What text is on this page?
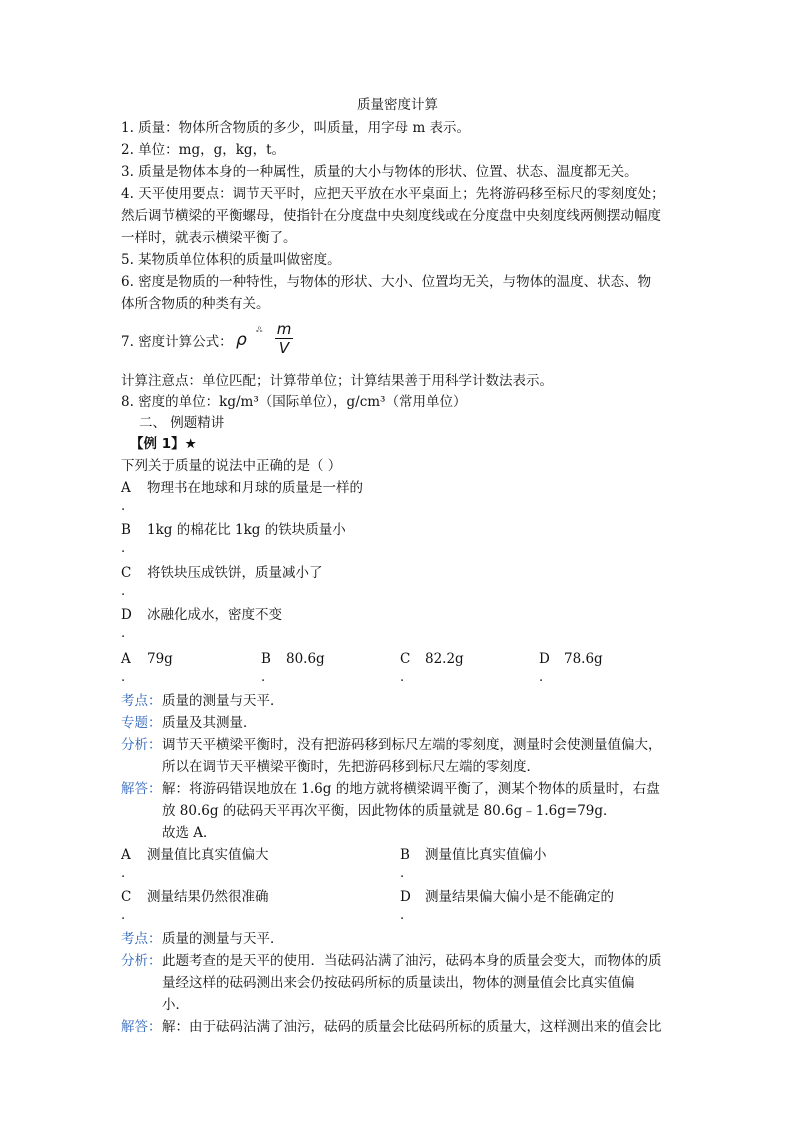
质量密度计算
1. 质量：物体所含物质的多少，叫质量，用字母 m 表示。
2. 单位：mg，g，kg，t。
3. 质量是物体本身的一种属性，质量的大小与物体的形状、位置、状态、温度都无关。
4. 天平使用要点：调节天平时，应把天平放在水平桌面上；先将游码移至标尺的零刻度处；
然后调节横梁的平衡螺母，使指针在分度盘中央刻度线或在分度盘中央刻度线两侧摆动幅度
一样时，就表示横梁平衡了。
5. 某物质单位体积的质量叫做密度。
6. 密度是物质的一种特性，与物体的形状、大小、位置均无关，与物体的温度、状态、物
体所含物质的种类有关。
7. 密度计算公式： ρ ₓ⁰ₒ m
V
计算注意点：单位匹配；计算带单位；计算结果善于用科学计数法表示。
8. 密度的单位：kg/m³（国际单位），g/cm³（常用单位）
二、 例题精讲
【例 1】★
下列关于质量的说法中正确的是（ ）
A 物理书在地球和月球的质量是一样的
.
B 1kg 的棉花比 1kg 的铁块质量小
.
C 将铁块压成铁饼，质量减小了
.
D 冰融化成水，密度不变
.
A 79g
.
B 80.6g
.
C 82.2g
.
D 78.6g
.
考点： 质量的测量与天平．
专题： 质量及其测量．
分析： 调节天平横梁平衡时，没有把游码移到标尺左端的零刻度，测量时会使测量值偏大，
所以在调节天平横梁平衡时，先把游码移到标尺左端的零刻度．
解答： 解：将游码错误地放在 1.6g 的地方就将横梁调平衡了，测某个物体的质量时，右盘
放 80.6g 的砝码天平再次平衡，因此物体的质量就是 80.6g﹣1.6g=79g．
故选 A．
A 测量值比真实值偏大
.
B 测量值比真实值偏小
.
C 测量结果仍然很准确
.
D 测量结果偏大偏小是不能确定的
.
考点： 质量的测量与天平．
分析： 此题考查的是天平的使用．当砝码沾满了油污，砝码本身的质量会变大，而物体的质
量经这样的砝码测出来会仍按砝码所标的质量读出，物体的测量值会比真实值偏
小．
解答： 解：由于砝码沾满了油污，砝码的质量会比砝码所标的质量大，这样测出来的值会比
